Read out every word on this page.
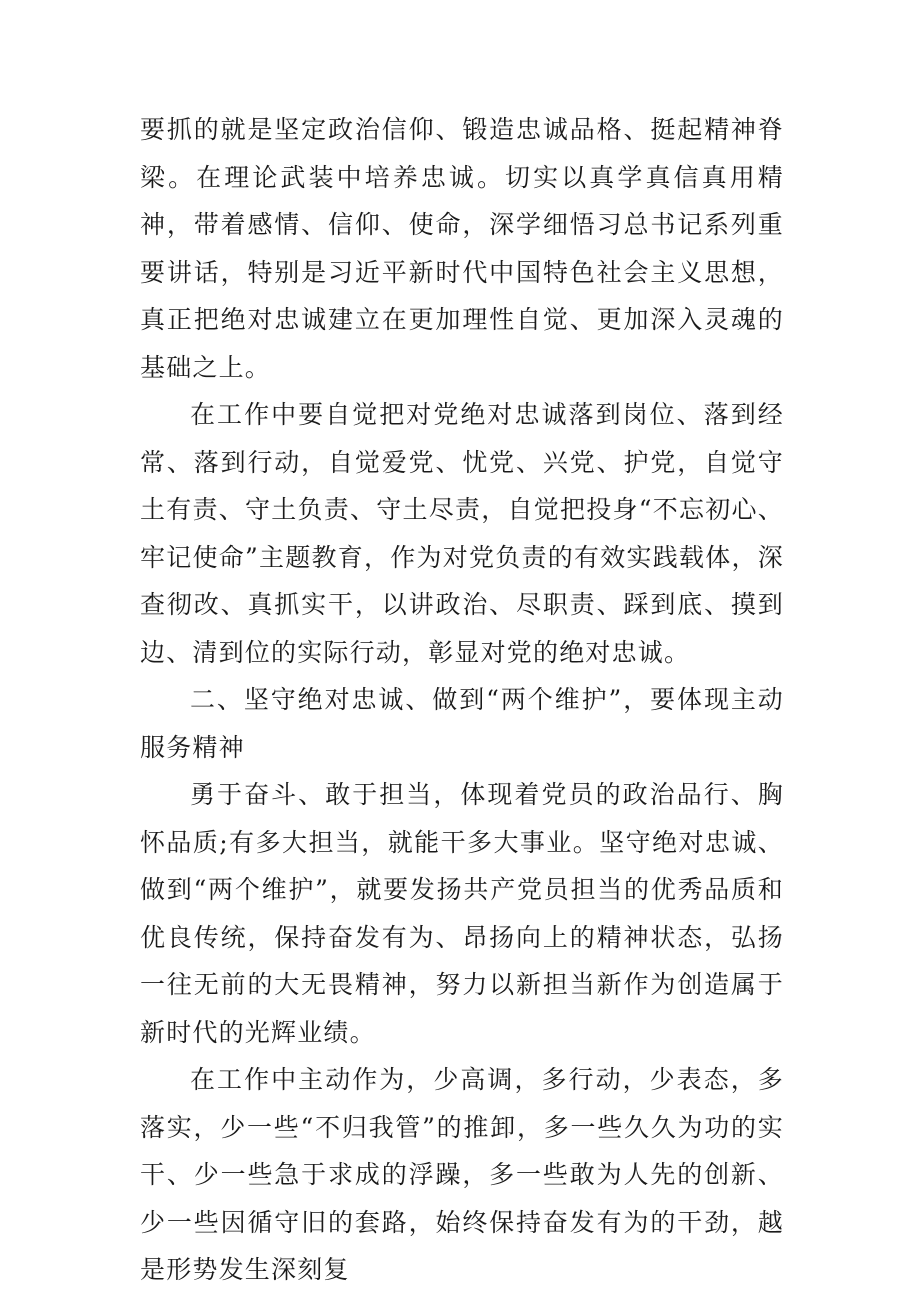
要抓的就是坚定政治信仰、锻造忠诚品格、挺起精神脊梁。在理论武装中培养忠诚。切实以真学真信真用精神，带着感情、信仰、使命，深学细悟习总书记系列重要讲话，特别是习近平新时代中国特色社会主义思想，真正把绝对忠诚建立在更加理性自觉、更加深入灵魂的基础之上。

在工作中要自觉把对党绝对忠诚落到岗位、落到经常、落到行动，自觉爱党、忧党、兴党、护党，自觉守土有责、守土负责、守土尽责，自觉把投身“不忘初心、牢记使命”主题教育，作为对党负责的有效实践载体，深查彻改、真抓实干，以讲政治、尽职责、踩到底、摸到边、清到位的实际行动，彰显对党的绝对忠诚。

二、坚守绝对忠诚、做到“两个维护”，要体现主动服务精神

勇于奋斗、敢于担当，体现着党员的政治品行、胸怀品质;有多大担当，就能干多大事业。坚守绝对忠诚、做到“两个维护”，就要发扬共产党员担当的优秀品质和优良传统，保持奋发有为、昂扬向上的精神状态，弘扬一往无前的大无畏精神，努力以新担当新作为创造属于新时代的光辉业绩。

在工作中主动作为，少高调，多行动，少表态，多落实，少一些“不归我管”的推卸，多一些久久为功的实干、少一些急于求成的浮躁，多一些敢为人先的创新、少一些因循守旧的套路，始终保持奋发有为的干劲，越是形势发生深刻复
